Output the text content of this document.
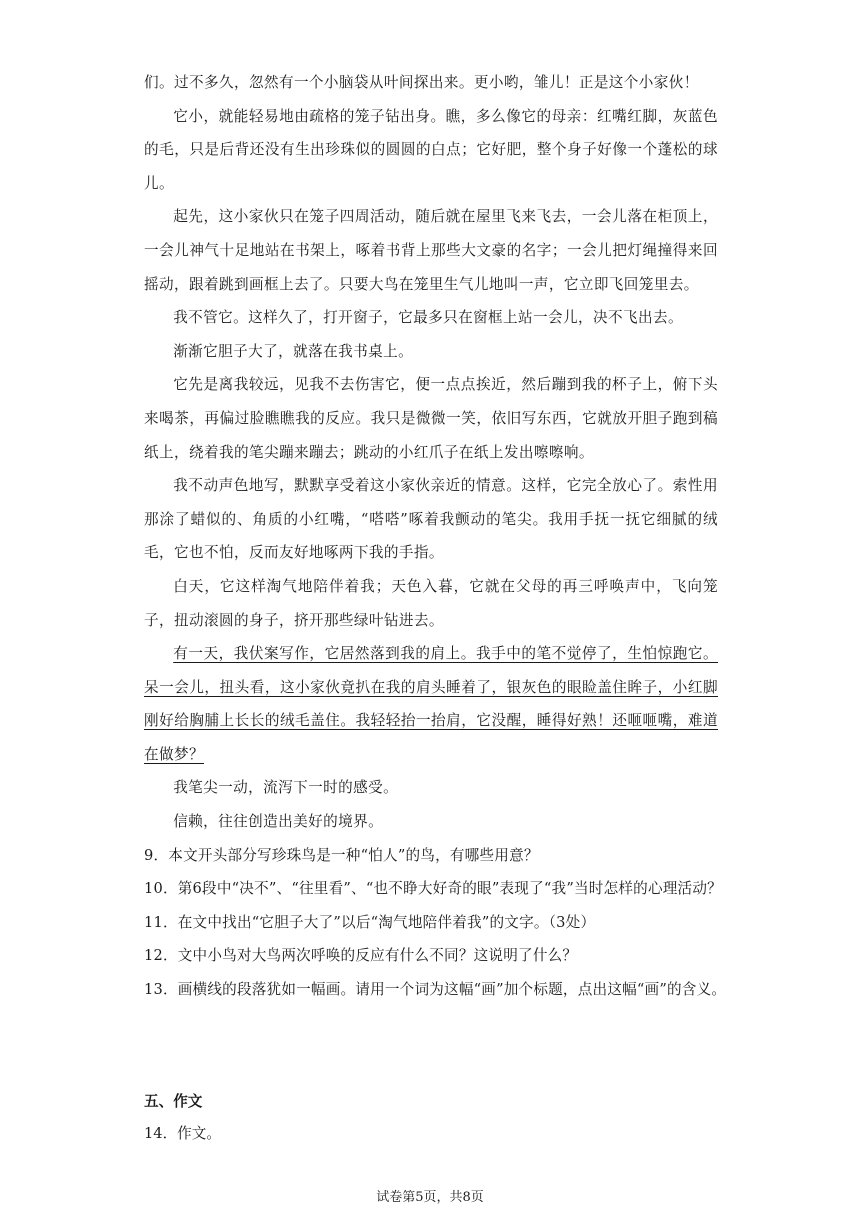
们。过不多久，忽然有一个小脑袋从叶间探出来。更小哟，雏儿！正是这个小家伙！

它小，就能轻易地由疏格的笼子钻出身。瞧，多么像它的母亲：红嘴红脚，灰蓝色的毛，只是后背还没有生出珍珠似的圆圆的白点；它好肥，整个身子好像一个蓬松的球儿。

起先，这小家伙只在笼子四周活动，随后就在屋里飞来飞去，一会儿落在柜顶上，一会儿神气十足地站在书架上，啄着书背上那些大文豪的名字；一会儿把灯绳撞得来回摇动，跟着跳到画框上去了。只要大鸟在笼里生气儿地叫一声，它立即飞回笼里去。

我不管它。这样久了，打开窗子，它最多只在窗框上站一会儿，决不飞出去。

渐渐它胆子大了，就落在我书桌上。

它先是离我较远，见我不去伤害它，便一点点挨近，然后蹦到我的杯子上，俯下头来喝茶，再偏过脸瞧瞧我的反应。我只是微微一笑，依旧写东西，它就放开胆子跑到稿纸上，绕着我的笔尖蹦来蹦去；跳动的小红爪子在纸上发出嚓嚓响。

我不动声色地写，默默享受着这小家伙亲近的情意。这样，它完全放心了。索性用那涂了蜡似的、角质的小红嘴，“嗒嗒”啄着我颤动的笔尖。我用手抚一抚它细腻的绒毛，它也不怕，反而友好地啄两下我的手指。

白天，它这样淘气地陪伴着我；天色入暮，它就在父母的再三呼唤声中，飞向笼子，扭动滚圆的身子，挤开那些绿叶钻进去。

有一天，我伏案写作，它居然落到我的肩上。我手中的笔不觉停了，生怕惊跑它。呆一会儿，扭头看，这小家伙竟扒在我的肩头睡着了，银灰色的眼睑盖住眸子，小红脚刚好给胸脯上长长的绒毛盖住。我轻轻抬一抬肩，它没醒，睡得好熟！还咂咂嘴，难道在做梦？

我笔尖一动，流泻下一时的感受。

信赖，往往创造出美好的境界。

9．本文开头部分写珍珠鸟是一种“怕人”的鸟，有哪些用意？

10．第6段中“决不”、“往里看”、“也不睁大好奇的眼”表现了“我”当时怎样的心理活动？

11．在文中找出“它胆子大了”以后“淘气地陪伴着我”的文字。（3处）

12．文中小鸟对大鸟两次呼唤的反应有什么不同？这说明了什么？

13．画横线的段落犹如一幅画。请用一个词为这幅“画”加个标题，点出这幅“画”的含义。

五、作文

14．作文。

试卷第5页，共8页
